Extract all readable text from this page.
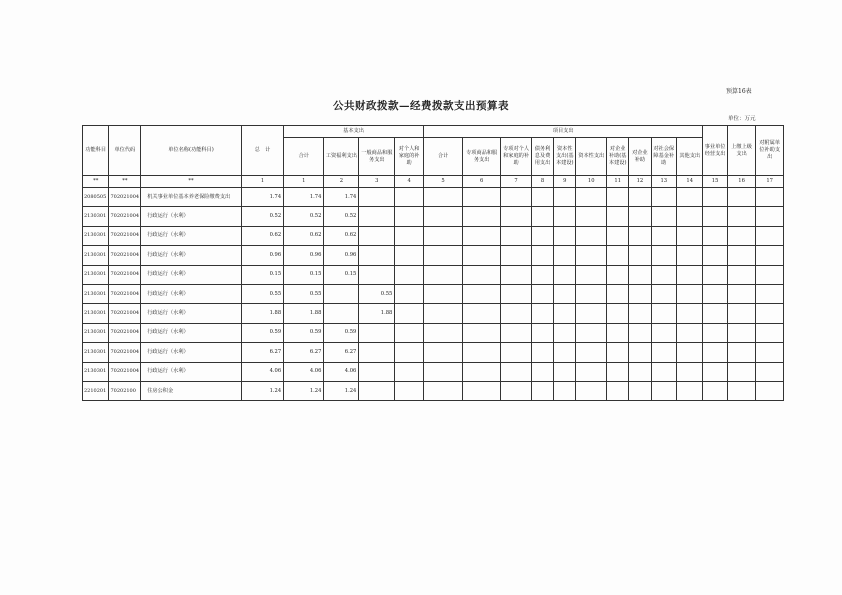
预算16表
公共财政拨款—经费拨款支出预算表
单位：万元
功能科目	单位代码	单位名称(功能科目)	总　计	基本支出				项目支出										事业单位经营支出	上缴上级支出	对附属单位补助支出
				合计	工资福利支出	一般商品和服务支出	对个人和家庭的补助	合计	专项商品和服务支出	专项对个人和家庭的补助	债务利息及费用支出	资本性支出(基本建设)	资本性支出	对企业补助(基本建设)	对企业补助	对社会保障基金补助	其他支出			
**	**	**	1	1	2	3	4	5	6	7	8	9	10	11	12	13	14	15	16	17
2080505	702021004	机关事业单位基本养老保险缴费支出	1.74	1.74	1.74															
2130301	702021004	行政运行（水利）	0.52	0.52	0.52															
2130301	702021004	行政运行（水利）	0.62	0.62	0.62															
2130301	702021004	行政运行（水利）	0.96	0.96	0.96															
2130301	702021004	行政运行（水利）	0.15	0.15	0.15															
2130301	702021004	行政运行（水利）	0.55	0.55		0.55														
2130301	702021004	行政运行（水利）	1.88	1.88		1.88														
2130301	702021004	行政运行（水利）	0.59	0.59	0.59															
2130301	702021004	行政运行（水利）	6.27	6.27	6.27															
2130301	702021004	行政运行（水利）	4.06	4.06	4.06															
2210201	70202100	住房公积金	1.24	1.24	1.24															
